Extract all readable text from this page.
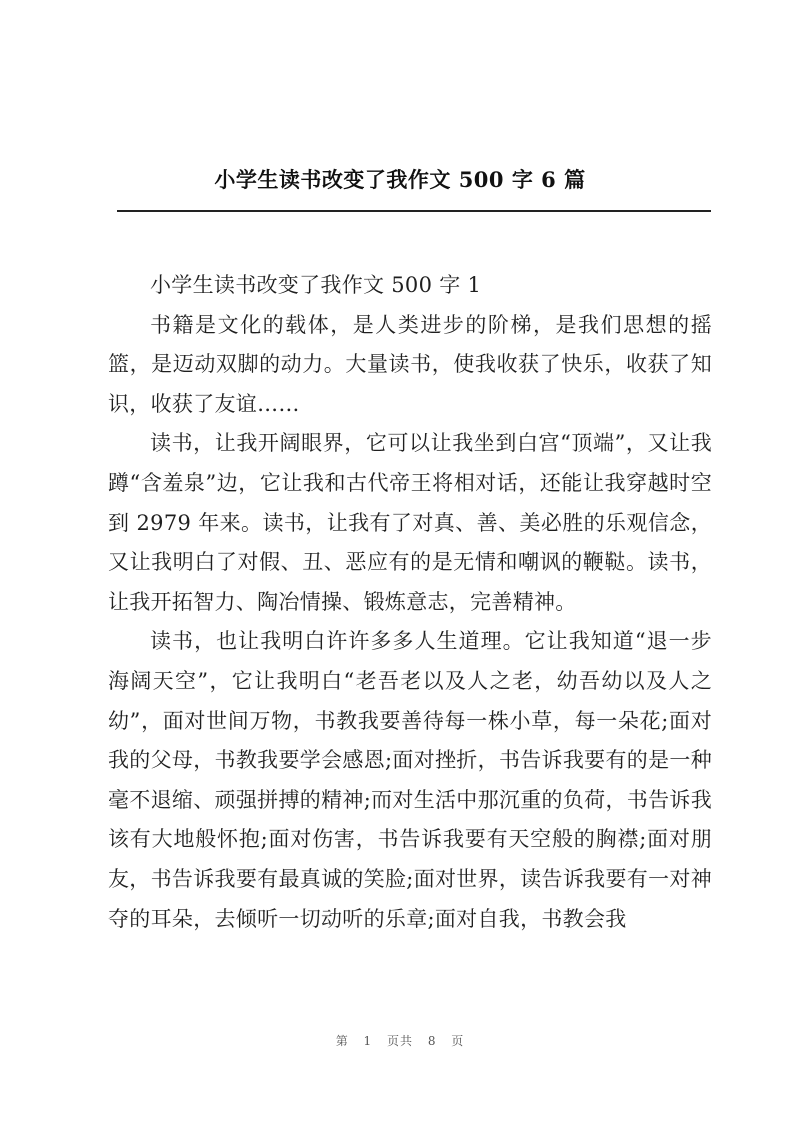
小学生读书改变了我作文 500 字 6 篇

小学生读书改变了我作文 500 字 1

书籍是文化的载体，是人类进步的阶梯，是我们思想的摇篮，是迈动双脚的动力。大量读书，使我收获了快乐，收获了知识，收获了友谊……

读书，让我开阔眼界，它可以让我坐到白宫“顶端”，又让我蹲“含羞泉”边，它让我和古代帝王将相对话，还能让我穿越时空到 2979 年来。读书，让我有了对真、善、美必胜的乐观信念，又让我明白了对假、丑、恶应有的是无情和嘲讽的鞭鞑。读书，让我开拓智力、陶冶情操、锻炼意志，完善精神。

读书，也让我明白许许多多人生道理。它让我知道“退一步海阔天空”，它让我明白“老吾老以及人之老，幼吾幼以及人之幼”，面对世间万物，书教我要善待每一株小草，每一朵花;面对我的父母，书教我要学会感恩;面对挫折，书告诉我要有的是一种毫不退缩、顽强拼搏的精神;而对生活中那沉重的负荷，书告诉我该有大地般怀抱;面对伤害，书告诉我要有天空般的胸襟;面对朋友，书告诉我要有最真诚的笑脸;面对世界，读告诉我要有一对神夺的耳朵，去倾听一切动听的乐章;面对自我，书教会我

第 1 页共 8 页
